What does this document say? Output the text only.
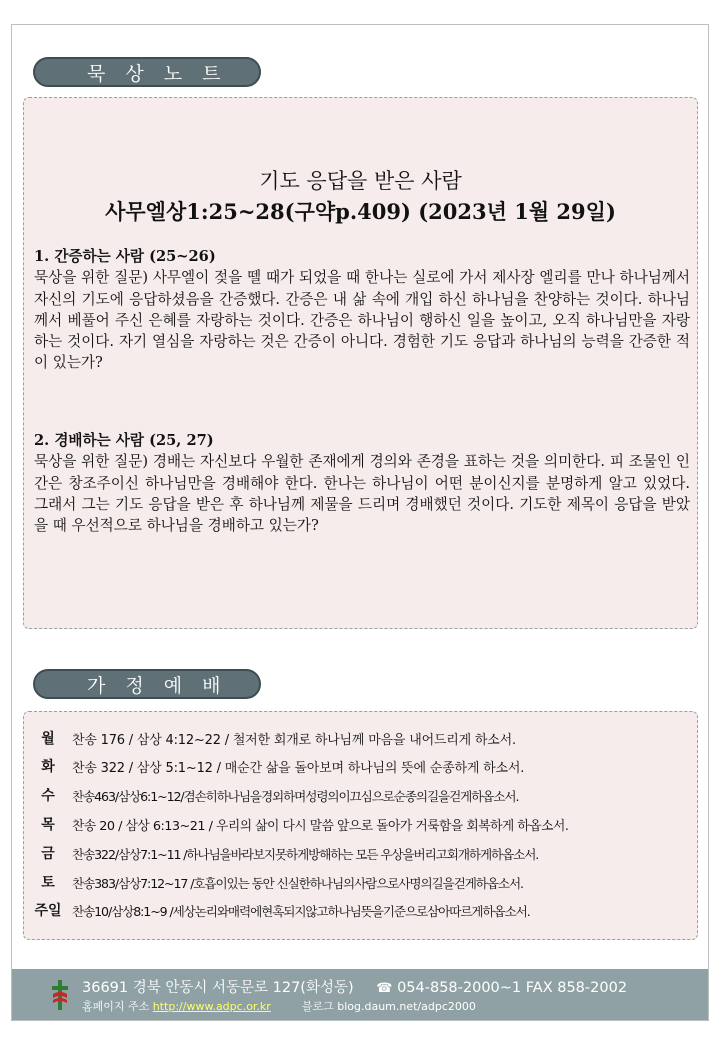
묵 상 노 트
기도 응답을 받은 사람
사무엘상1:25~28(구약p.409) (2023년 1월 29일)
1. 간증하는 사람 (25~26)
묵상을 위한 질문) 사무엘이 젖을 뗄 때가 되었을 때 한나는 실로에 가서 제사장 엘리를 만나 하나님께서 자신의 기도에 응답하셨음을 간증했다. 간증은 내 삶 속에 개입 하신 하나님을 찬양하는 것이다. 하나님께서 베풀어 주신 은혜를 자랑하는 것이다. 간증은 하나님이 행하신 일을 높이고, 오직 하나님만을 자랑하는 것이다. 자기 열심을 자랑하는 것은 간증이 아니다. 경험한 기도 응답과 하나님의 능력을 간증한 적이 있는가?
2. 경배하는 사람 (25, 27)
묵상을 위한 질문) 경배는 자신보다 우월한 존재에게 경의와 존경을 표하는 것을 의미한다. 피 조물인 인간은 창조주이신 하나님만을 경배해야 한다. 한나는 하나님이 어떤 분이신지를 분명하게 알고 있었다. 그래서 그는 기도 응답을 받은 후 하나님께 제물을 드리며 경배했던 것이다. 기도한 제목이 응답을 받았을 때 우선적으로 하나님을 경배하고 있는가?
가 정 예 배
월	찬송 176 / 삼상 4:12~22 / 철저한 회개로 하나님께 마음을 내어드리게 하소서.
화	찬송 322 / 삼상 5:1~12 / 매순간 삶을 돌아보며 하나님의 뜻에 순종하게 하소서.
수	찬송463/삼상6:1~12/겸손히하나님을경외하며성령의이끄심으로순종의길을걷게하옵소서.
목	찬송 20 / 삼상 6:13~21 / 우리의 삶이 다시 말씀 앞으로 돌아가 거룩함을 회복하게 하옵소서.
금	찬송322/삼상7:1~11 /하나님을바라보지못하게방해하는 모든 우상을버리고회개하게하옵소서.
토	찬송383/삼상7:12~17 /호흡이있는 동안 신실한하나님의사람으로사명의길을걷게하옵소서.
주일 찬송10/삼상8:1~9 /세상논리와매력에현혹되지않고하나님뜻을기준으로삼아따르게하옵소서.
36691 경북 안동시 서동문로 127(화성동) ☎ 054-858-2000~1 FAX 858-2002
홈페이지 주소 http://www.adpc.or.kr	블로그 blog.daum.net/adpc2000
